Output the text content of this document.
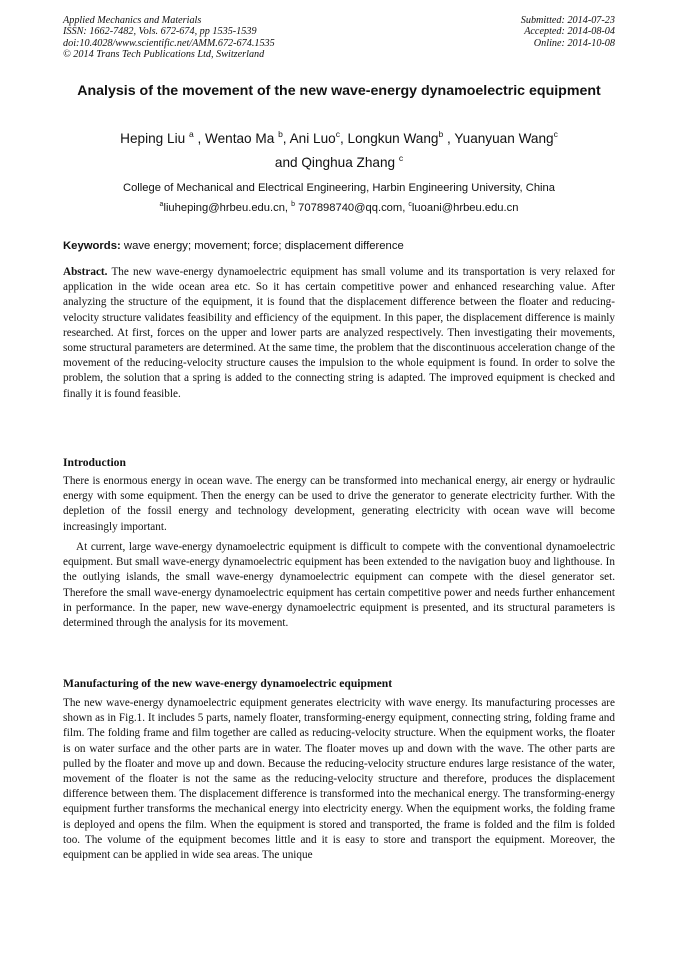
Applied Mechanics and Materials
ISSN: 1662-7482, Vols. 672-674, pp 1535-1539
doi:10.4028/www.scientific.net/AMM.672-674.1535
© 2014 Trans Tech Publications Ltd, Switzerland
Submitted: 2014-07-23
Accepted: 2014-08-04
Online: 2014-10-08
Analysis of the movement of the new wave-energy dynamoelectric equipment
Heping Liu $^a$ , Wentao Ma $^b$, Ani Luo$^c$, Longkun Wang$^b$ , Yuanyuan Wang$^c$
and Qinghua Zhang $^c$
College of Mechanical and Electrical Engineering, Harbin Engineering University, China
$^a$liuheping@hrbeu.edu.cn, $^b$ 707898740@qq.com, $^c$luoani@hrbeu.edu.cn
Keywords: wave energy; movement; force; displacement difference

Abstract. The new wave-energy dynamoelectric equipment has small volume and its transportation is very relaxed for application in the wide ocean area etc. So it has certain competitive power and enhanced researching value. After analyzing the structure of the equipment, it is found that the displacement difference between the floater and reducing-velocity structure validates feasibility and efficiency of the equipment. In this paper, the displacement difference is mainly researched. At first, forces on the upper and lower parts are analyzed respectively. Then investigating their movements, some structural parameters are determined. At the same time, the problem that the discontinuous acceleration change of the movement of the reducing-velocity structure causes the impulsion to the whole equipment is found. In order to solve the problem, the solution that a spring is added to the connecting string is adapted. The improved equipment is checked and finally it is found feasible.

Introduction

There is enormous energy in ocean wave. The energy can be transformed into mechanical energy, air energy or hydraulic energy with some equipment. Then the energy can be used to drive the generator to generate electricity further. With the depletion of the fossil energy and technology development, generating electricity with ocean wave will become increasingly important.

At current, large wave-energy dynamoelectric equipment is difficult to compete with the conventional dynamoelectric equipment. But small wave-energy dynamoelectric equipment has been extended to the navigation buoy and lighthouse. In the outlying islands, the small wave-energy dynamoelectric equipment can compete with the diesel generator set. Therefore the small wave-energy dynamoelectric equipment has certain competitive power and needs further enhancement in performance. In the paper, new wave-energy dynamoelectric equipment is presented, and its structural parameters is determined through the analysis for its movement.

Manufacturing of the new wave-energy dynamoelectric equipment

The new wave-energy dynamoelectric equipment generates electricity with wave energy. Its manufacturing processes are shown as in Fig.1. It includes 5 parts, namely floater, transforming-energy equipment, connecting string, folding frame and film. The folding frame and film together are called as reducing-velocity structure. When the equipment works, the floater is on water surface and the other parts are in water. The floater moves up and down with the wave. The other parts are pulled by the floater and move up and down. Because the reducing-velocity structure endures large resistance of the water, movement of the floater is not the same as the reducing-velocity structure and therefore, produces the displacement difference between them. The displacement difference is transformed into the mechanical energy. The transforming-energy equipment further transforms the mechanical energy into electricity energy. When the equipment works, the folding frame is deployed and opens the film. When the equipment is stored and transported, the frame is folded and the film is folded too. The volume of the equipment becomes little and it is easy to store and transport the equipment. Moreover, the equipment can be applied in wide sea areas. The unique
